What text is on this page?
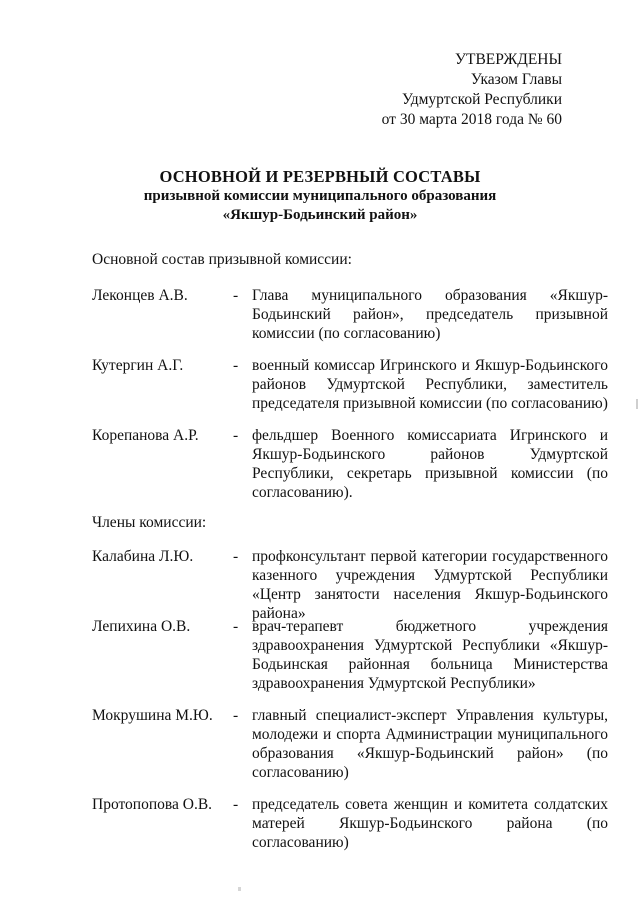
УТВЕРЖДЕНЫ
Указом Главы
Удмуртской Республики
от 30 марта 2018 года № 60
ОСНОВНОЙ И РЕЗЕРВНЫЙ СОСТАВЫ
призывной комиссии муниципального образования
«Якшур-Бодьинский район»
Основной состав призывной комиссии:
Леконцев А.В.	- Глава муниципального образования «Якшур-Бодьинский район», председатель призывной комиссии (по согласованию)
Кутергин А.Г.	- военный комиссар Игринского и Якшур-Бодьинского районов Удмуртской Республики, заместитель председателя призывной комиссии (по согласованию)
Корепанова А.Р. - фельдшер Военного комиссариата Игринского и Якшур-Бодьинского районов Удмуртской Республики, секретарь призывной комиссии (по согласованию).
Члены комиссии:
Калабина Л.Ю.	- профконсультант первой категории государственного казенного учреждения Удмуртской Республики «Центр занятости населения Якшур-Бодьинского района»
Лепихина О.В.	- врач-терапевт бюджетного учреждения здравоохранения Удмуртской Республики «Якшур-Бодьинская районная больница Министерства здравоохранения Удмуртской Республики»
Мокрушина М.Ю. - главный специалист-эксперт Управления культуры, молодежи и спорта Администрации муниципального образования «Якшур-Бодьинский район» (по согласованию)
Протопопова О.В. - председатель совета женщин и комитета солдатских матерей Якшур-Бодьинского района (по согласованию)
